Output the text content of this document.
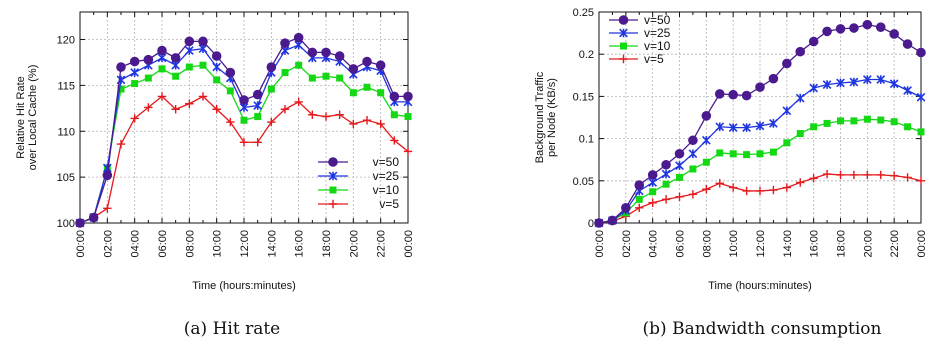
100
105
110
115
120
00:00 02:00 04:00 06:00 08:00 10:00 12:00 14:00 16:00 18:00 20:00 22:00 00:00
Time (hours:minutes)
Relative Hit Rate over Local Cache (%)	v=50
v=25
v=10
v=5
(a) Hit rate
0
0.05
0.1
0.15
0.2
0.25
00:00 02:00 04:00 06:00 08:00 10:00 12:00 14:00 16:00 18:00 20:00 22:00 00:00
Time (hours:minutes)
Background Traffic per Node (KB/s)
v=50
v=25
v=10
v=5
(b) Bandwidth consumption
